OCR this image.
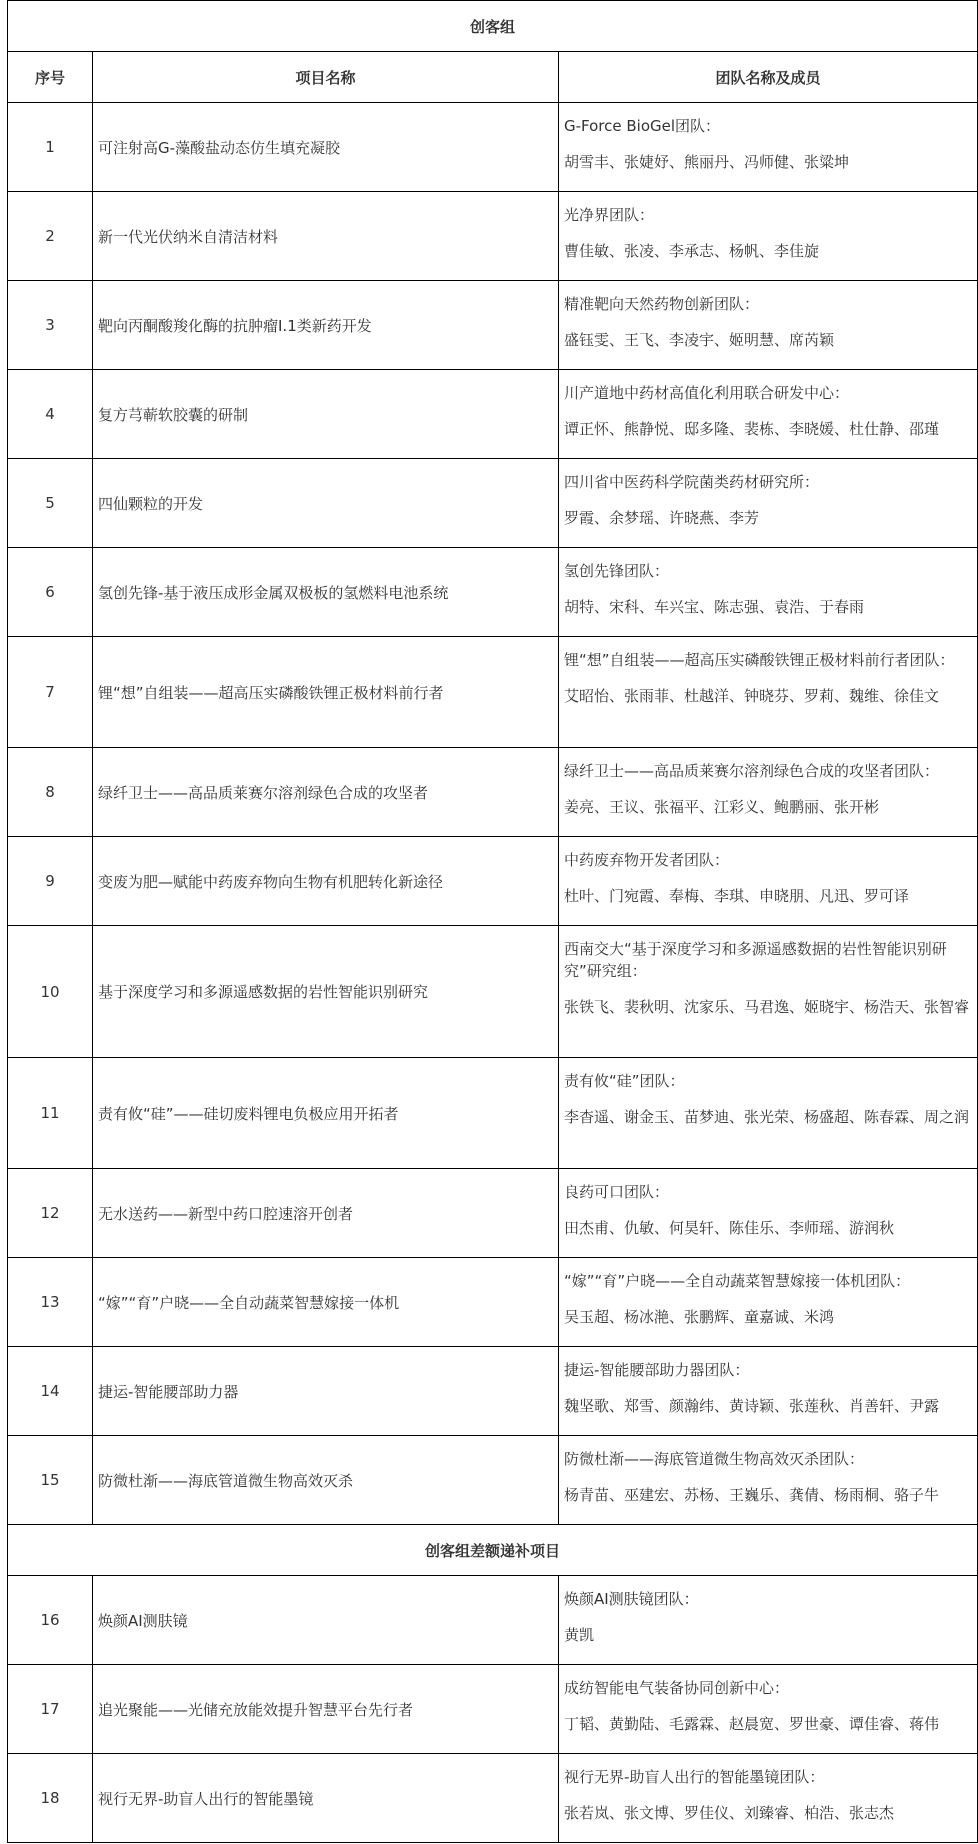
创客组		
序号	项目名称	团队名称及成员
1	可注射高G-藻酸盐动态仿生填充凝胶	G-Force BioGel团队：
胡雪丰、张婕妤、熊丽丹、冯师健、张粱坤

2	新一代光伏纳米自清洁材料	光净界团队：
曹佳敏、张凌、李承志、杨帆、李佳旋

3	靶向丙酮酸羧化酶的抗肿瘤I.1类新药开发	精准靶向天然药物创新团队：
盛钰雯、王飞、李凌宇、姬明慧、席芮颖

4	复方芎蕲软胶囊的研制	川产道地中药材高值化利用联合研发中心：
谭正怀、熊静悦、邸多隆、裴栋、李晓媛、杜仕静、邵瑾

5	四仙颗粒的开发	四川省中医药科学院菌类药材研究所：
罗霞、余梦瑶、许晓燕、李芳

6	氢创先锋-基于液压成形金属双极板的氢燃料电池系统	氢创先锋团队：
胡特、宋科、车兴宝、陈志强、袁浩、于春雨

7	锂“想”自组装——超高压实磷酸铁锂正极材料前行者	锂“想”自组装——超高压实磷酸铁锂正极材料前行者团队：
艾昭怡、张雨菲、杜越洋、钟晓芬、罗莉、魏维、徐佳文

8	绿纤卫士——高品质莱赛尔溶剂绿色合成的攻坚者	绿纤卫士——高品质莱赛尔溶剂绿色合成的攻坚者团队：
姜亮、王议、张福平、江彩义、鲍鹏丽、张开彬

9	变废为肥—赋能中药废弃物向生物有机肥转化新途径	中药废弃物开发者团队：
杜叶、门宛霞、奉梅、李琪、申晓朋、凡迅、罗可译

10	基于深度学习和多源遥感数据的岩性智能识别研究	西南交大“基于深度学习和多源遥感数据的岩性智能识别研究”研究组：
张铁飞、裴秋明、沈家乐、马君逸、姬晓宇、杨浩天、张智睿

11	责有攸“硅”——硅切废料锂电负极应用开拓者	责有攸“硅”团队：
李杳遥、谢金玉、苗梦迪、张光荣、杨盛超、陈春霖、周之润

12	无水送药——新型中药口腔速溶开创者	良药可口团队：
田杰甫、仇敏、何昊轩、陈佳乐、李师瑶、游润秋

13	“嫁”“育”户晓——全自动蔬菜智慧嫁接一体机	“嫁”“育”户晓——全自动蔬菜智慧嫁接一体机团队：
吴玉超、杨冰滟、张鹏辉、童嘉诚、米鸿

14	捷运-智能腰部助力器	捷运-智能腰部助力器团队：
魏坚歌、郑雪、颜瀚纬、黄诗颖、张莲秋、肖善轩、尹露

15	防微杜渐——海底管道微生物高效灭杀	防微杜渐——海底管道微生物高效灭杀团队：
杨青苗、巫建宏、苏杨、王巍乐、龚倩、杨雨桐、骆子牛

创客组差额递补项目		
16	焕颜AI测肤镜	焕颜AI测肤镜团队：
黄凯

17	追光聚能——光储充放能效提升智慧平台先行者	成纺智能电气装备协同创新中心：
丁韬、黄勤陆、毛露霖、赵晨宽、罗世豪、谭佳睿、蒋伟

18	视行无界-助盲人出行的智能墨镜	视行无界-助盲人出行的智能墨镜团队：
张若岚、张文博、罗佳仪、刘臻睿、柏浩、张志杰
